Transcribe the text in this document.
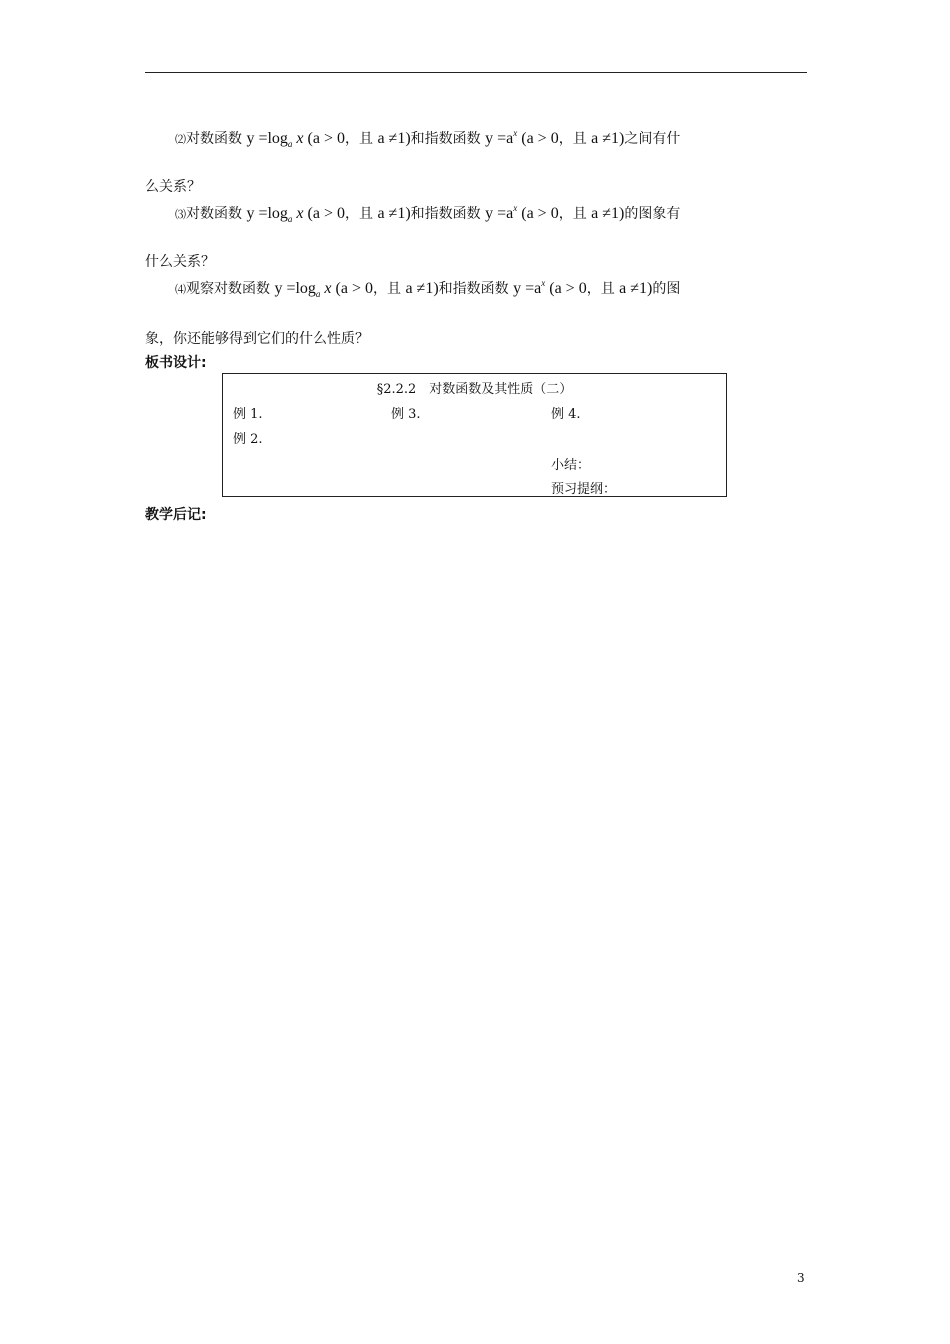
⑵对数函数 $y =\log_a$ x (a > 0，且 a ≠1)和指数函数 $y =a^x$ (a > 0，且 a ≠1)之间有什
么关系？
⑶对数函数 $y =\log_a$ x (a > 0，且 a ≠1)和指数函数 $y =a^x$ (a > 0，且 a ≠1)的图象有
什么关系？
⑷观察对数函数 $y =\log_a$ x (a > 0，且 a ≠1)和指数函数 $y =a^x$ (a > 0，且 a ≠1)的图
象，你还能够得到它们的什么性质？
板书设计:
§2.2.2　对数函数及其性质（二）
例 1.	例 3.	例 4.
例 2.
小结：
预习提纲：
教学后记:
3
